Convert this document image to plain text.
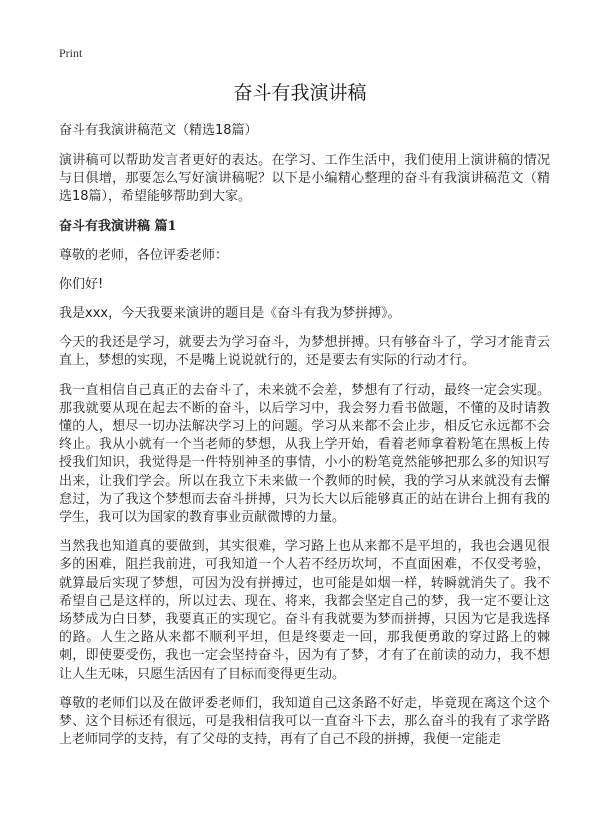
Print
奋斗有我演讲稿
奋斗有我演讲稿范文（精选18篇）

演讲稿可以帮助发言者更好的表达。在学习、工作生活中，我们使用上演讲稿的情况与日俱增，那要怎么写好演讲稿呢？以下是小编精心整理的奋斗有我演讲稿范文（精选18篇），希望能够帮助到大家。

奋斗有我演讲稿 篇1

尊敬的老师，各位评委老师：

你们好!

我是xxx，今天我要来演讲的题目是《奋斗有我为梦拼搏》。

今天的我还是学习，就要去为学习奋斗，为梦想拼搏。只有够奋斗了，学习才能青云直上，梦想的实现，不是嘴上说说就行的，还是要去有实际的行动才行。

我一直相信自己真正的去奋斗了，未来就不会差，梦想有了行动，最终一定会实现。那我就要从现在起去不断的奋斗，以后学习中，我会努力看书做题，不懂的及时请教懂的人，想尽一切办法解决学习上的问题。学习从来都不会止步，相反它永远都不会终止。我从小就有一个当老师的梦想，从我上学开始，看着老师拿着粉笔在黑板上传授我们知识，我觉得是一件特别神圣的事情，小小的粉笔竟然能够把那么多的知识写出来，让我们学会。所以在我立下未来做一个教师的时候，我的学习从来就没有去懈怠过，为了我这个梦想而去奋斗拼搏，只为长大以后能够真正的站在讲台上拥有我的学生，我可以为国家的教育事业贡献微博的力量。

当然我也知道真的要做到，其实很难，学习路上也从来都不是平坦的，我也会遇见很多的困难，阻拦我前进，可我知道一个人若不经历坎坷，不直面困难，不仅受考验，就算最后实现了梦想，可因为没有拼搏过，也可能是如烟一样，转瞬就消失了。我不希望自己是这样的，所以过去、现在、将来，我都会坚定自己的梦，我一定不要让这场梦成为白日梦，我要真正的实现它。奋斗有我就要为梦而拼搏，只因为它是我选择的路。人生之路从来都不顺利平坦，但是终要走一回，那我便勇敢的穿过路上的棘刺，即使要受伤，我也一定会坚持奋斗，因为有了梦，才有了在前读的动力，我不想让人生无味，只愿生活因有了目标而变得更生动。

尊敬的老师们以及在做评委老师们，我知道自己这条路不好走，毕竟现在离这个这个梦、这个目标还有很远，可是我相信我可以一直奋斗下去，那么奋斗的我有了求学路上老师同学的支持，有了父母的支持，再有了自己不段的拼搏，我便一定能走
